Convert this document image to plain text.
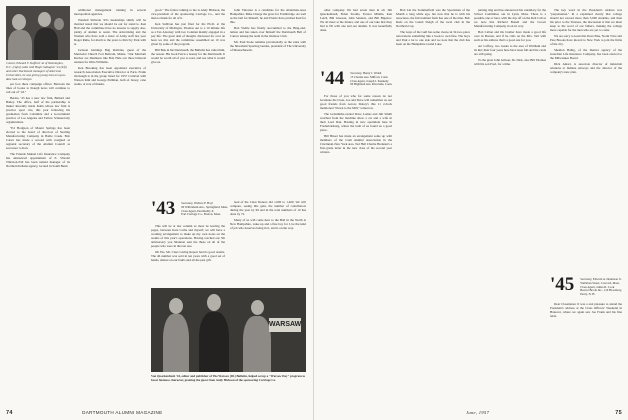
Consul, Edward F. Stafford '42 of Washington, D.C. (right), talks with Hugh Gallagher '24 (left) and other Dartmouth managers of American Universities, he was giving young men an up-to-date look at colleges.

per foot three campaign officer. Between the lines of books to though news will continue to roll out of "43."

Bernie, '43 has a new law firm, Bullard and Bailey. The office, half of the partnership is maker Recently made Kahn whose law firm is practice sport cite, this year following his graduation from Columbia and a Government practice of Los Angeles and Fellow Schenectady organizations.

"Ed Hodgson of Mount Springs has been elected to the board of directors of Sterling Manufacturing Company in Battle Creek. Bob Carter has made a second with cosigned as regional secretary of the Alumni Council as successor to Ken.

The Friends Mutual Life Insurance Company has announced appointment of E. Vincent Tillotson-Fall has been named manager of its Northern Indiana agency, located in South Bend.

additional management training in several metropolitan agencies.

Wendell Sillivale '43's dealerships smith, will be married noted that we should be out for stand is. Ken Hall and the committee have no lessons to supply also, plenty of alumni to assist. The Advertising and the Women who have sold a sister of Army staff last year Roger Ruhe, for much to the years to him Ivy Park with is.

Jackson Jennings Bug Robbins, guest of the Merriedal Church Fort Beltram, Maine. "Our Merriam Ruchor are Dennison like Bob Hale our three bilateral reunion for Ohio Williams.

Ken Brooking has been appointed executive of research Association Executive Director at Paris. Frank Orebaugh is in the group listed for 1957 Carnival with Watson Kim and George Pullman, both of Jersey, cane teams. A vote of thanks.

good." The fellow talking to me is Andy Hickson, the vice-president of the sponsoring Carriage Co., and the man to thank for all of it.

Ken Sullivan has just filed for his Ph.D. at the University of Michigan, Thomas out to a 10 minute life as a Tax Attorney with two Conmen mainly engaged in a pay life. The great deal of thought, discussed for over an hour we did, and the committee assembled on 10 was given by some of the program.

Bill Bok in his Dartmouth, the Bulletin has called him, the reason. His book Ferris a beauty for the Dartmouth. It would be worth all of you to read, and see what it would give us.

John Vincenot is a candidate for the Alderman-Area Hampshire. Mike Charge the grass for Frambridge. As well as the ball for himself, he and Ploritz have pitched hard for this.

Bob Vieille has finally succumbed to the Bing-and-lemon and has taken over himself the Dartmouth Ball of Cancer among the team in the Outdoor Club.

Mr. Paul Stone remains provisionally as the sales with the Shoreham Sporting Guides, president of The University of Massachusetts.

'43 Secretary, Wallace F. Hoyt
60 Wilbraham Ave., Springfield, Mass.
Class Agent, Paul Reilly Jr.
Earl Carriage Co., Boston, Mass.

This will be at last column as most be leaving the pages, between Kate Cothe and myself; we will have a working arrangement to make up my own notes on the results of this year's operations. Having reached our 5th anniversary you Shannon sent me these on all of the people who were in the last one.

Oh Yes, Mr. Class Giving Report had its good results. The 46 number was sold in ten years with a good set of hands, almost on our faults and all the past gift.

lead of the Class Donors did 1,000 to 1,400. We will compare, seeing this gain, the number of contributors during the year by 69 and in the total numbers of 10 has done by 72.

Many of us will come here to the Ball in the North at New Hampshire, wake up and a fine boy for I, be the kind of job who deserves being in it, and is on the way.

WARSAW
Van Quackenbush '44, editor and publisher of The Warsaw (Ill.) Bulletin, helped set up a "Warsaw Day" program to boost business character, greeting the guest from Andy Hickson of the sponsoring Carriage Co.
74	DARTMOUTH ALUMNI MAGAZINE

other company. We had seven men in all. Jim Quackenbush, Elden Storms, Forster Mindle, Ken Leich, Bill Gleeson, John Sanders, and Bill Bigelow. We all meet at the dinner, and one of our take that they had to fill with one and our alumni. It was beautifully done.

'44 Secretary, Henry J. Walsh
15 Charles Ave. Milford, Conn.
Class Agent, Joseph J. Kennedy
60 Highland Ave. Riverside, Conn.

For those of you who for some reason do not Graduate the Class, Joe and Dave will remember us our good friends from Across Dobey's this 11 o'clock mentioned "Down to the Mill," tomorrow.

The locksmiths-owned Dave Lomas and Jim Smith watched from the machine show a car and a wife in their Lord Dan. Hasting in new apartment here in Fredericksburg, where the both of us found us a good place.

Bill Bisset has made an arrangement some up with members of the Cash Alumni Association in the Cincinnati-New York area. Ted Hall Charlie Brennan's a first-grade letter in the new class of the second year winters.

Bob Lin the Sommerfield was the Sportsman of the Month a long while ago, but now that he is with his associates, the full nominal form has one of the nine. Bob Reds on the Grand Sleigh of the local club in the Northern Cap.

The Guys of the Gulf has some clean-cut 32-two-piece renovations something like a book to own fine. The boys and Paul a lot to one side and we note that the club has been on the Hampshire Grand Lake.

putting ring and has announced his candidacy for the School Committee out in Lynn, Mass. There is a possible one or later, with the day off on the Roll Call as we note that Richard Bonell and the Crown Manufacturing Company in on its way.

Bob Caltan and his brother have made a good life over in Boston, and if he calls on the Mrs. Vail with such as his address that's a good one for you.

Art Caffrey, two weeks to the area of Waltham and its kin; their four years here have been full and the cards are still going.

To the great John Gibson, Dr. Dick, also Bill Thomas with his son Fred, for a time.

The key word in the President's address was "perpetuation." In a explained clearly that college should not exceed more than 3,000 students, and then his prior to the Trustees, the discussion is that we must keep to the word of our fathers, making the college more capable for the men who are yet to come.

We are sorry to learn that Dave Pike, Norm Trice and Pete Brooks have moved to New York to join the firms of the city.

Sheldon Hallig, of the Denver agency of the Guardian Life Insurance Company, has been elected to the Milwaukee Board.

Dick Amari, is associate director of industrial relations at Indiana Airways and the director of the company's new plan.

'45 Secretary, Edward A. Dennison Jr.
Wallaban Street, Concord, Mass.
Class Agent, James R. Cook
Beaver Brook Inc., 110 Broadway, Derry, N. H.

Dear Classmates: It was a real pleasure to attend the President's address at the Class Officers' Weekend in Hanover, where we again saw Joe Frank and his fine table.

June, 1957	75
